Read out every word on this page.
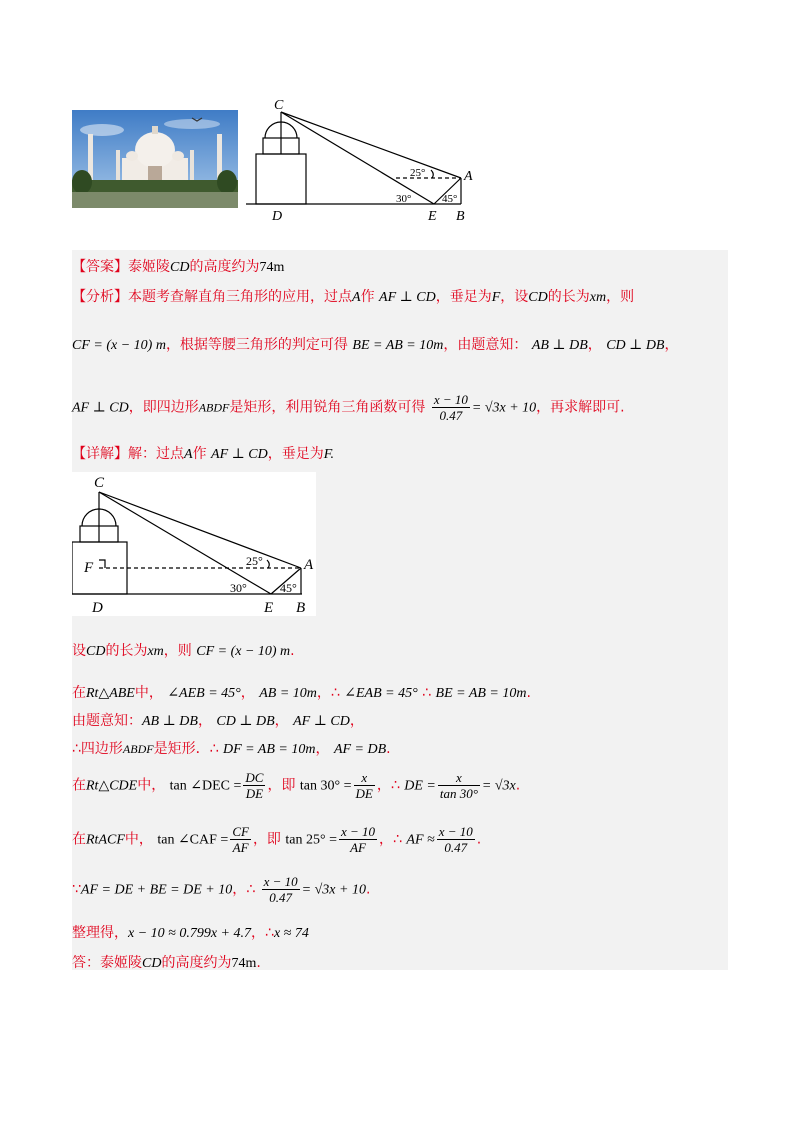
C
A
D	E B
25°
30°	45°
【答案】泰姬陵CD的高度约为74m
【分析】本题考查解直角三角形的应用，过点A作 AF ⊥ CD，垂足为F，设CD的长为xm，则
CF = (x − 10) m，根据等腰三角形的判定可得 BE = AB = 10m，由题意知： AB ⊥ DB， CD ⊥ DB，
AF ⊥ CD，即四边形ABDF是矩形，利用锐角三角函数可得 $\frac{x - 10}{0.47} = √3x + 10$，再求解即可.
【详解】解：过点A作 AF ⊥ CD，垂足为F.
C
A
F
D	E B
25°
30°	45°
设CD的长为xm，则 CF = (x − 10) m.
在Rt△ABE中， ∠AEB = 45°， AB = 10m，∴ ∠EAB = 45° ∴ BE = AB = 10m.
由题意知：AB ⊥ DB， CD ⊥ DB， AF ⊥ CD，
∴四边形ABDF是矩形．∴ DF = AB = 10m， AF = DB.
在Rt△CDE中， tan ∠DEC = $\frac{DC}{DE}$ ，即 $\tan 30^\circ = \frac{x}{DE}$ ，∴ DE = $\frac{x}{\tan 30^\circ} = √3x$.
在RtACF中， tan ∠CAF = $\frac{CF}{AF}$ ，即 $\tan 25^\circ = \frac{x - 10}{AF}$ ，∴ AF ≈ $\frac{x - 10}{0.47}$ .
∵AF = DE + BE = DE + 10，∴ $\frac{x - 10}{0.47} = √3x + 10$.
整理得，x − 10 ≈ 0.799x + 4.7，∴x ≈ 74
答：泰姬陵CD的高度约为74m.
